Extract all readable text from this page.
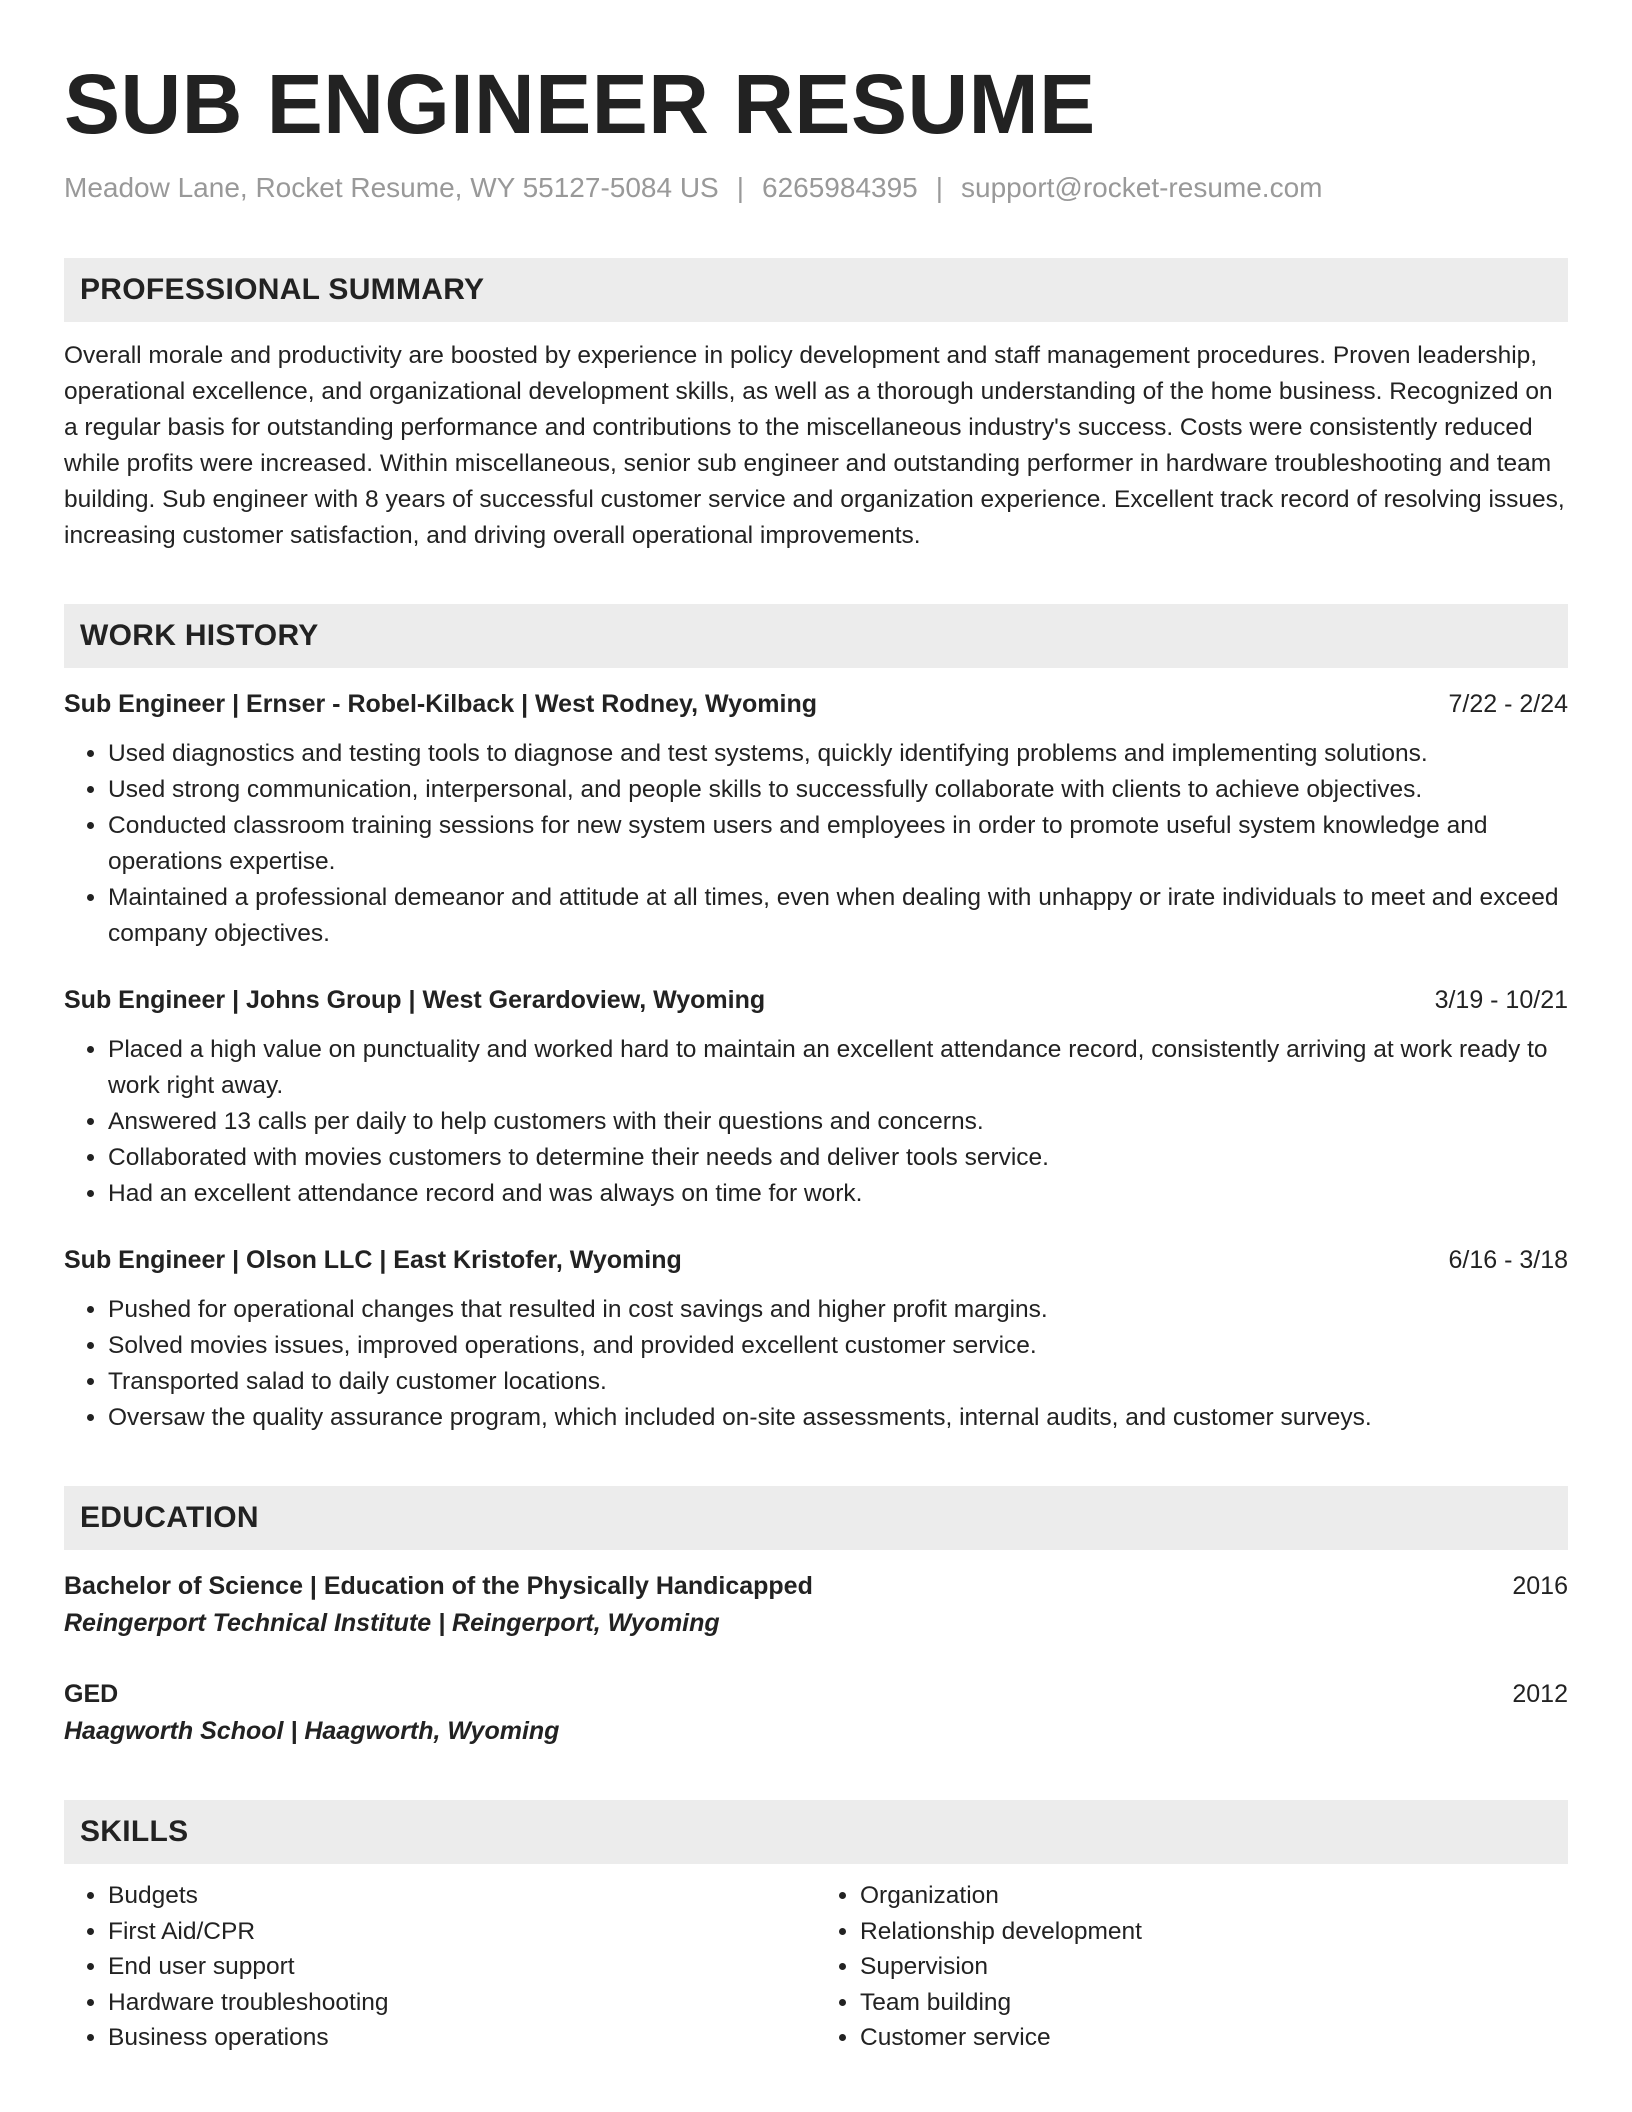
SUB ENGINEER RESUME
Meadow Lane, Rocket Resume, WY 55127-5084 US | 6265984395 | support@rocket-resume.com
PROFESSIONAL SUMMARY
Overall morale and productivity are boosted by experience in policy development and staff management procedures. Proven leadership, operational excellence, and organizational development skills, as well as a thorough understanding of the home business. Recognized on a regular basis for outstanding performance and contributions to the miscellaneous industry's success. Costs were consistently reduced while profits were increased. Within miscellaneous, senior sub engineer and outstanding performer in hardware troubleshooting and team building. Sub engineer with 8 years of successful customer service and organization experience. Excellent track record of resolving issues, increasing customer satisfaction, and driving overall operational improvements.
WORK HISTORY
Sub Engineer | Ernser - Robel-Kilback | West Rodney, Wyoming	7/22 - 2/24
• Used diagnostics and testing tools to diagnose and test systems, quickly identifying problems and implementing solutions.
• Used strong communication, interpersonal, and people skills to successfully collaborate with clients to achieve objectives.
• Conducted classroom training sessions for new system users and employees in order to promote useful system knowledge and operations expertise.
• Maintained a professional demeanor and attitude at all times, even when dealing with unhappy or irate individuals to meet and exceed company objectives.
Sub Engineer | Johns Group | West Gerardoview, Wyoming	3/19 - 10/21
• Placed a high value on punctuality and worked hard to maintain an excellent attendance record, consistently arriving at work ready to work right away.
• Answered 13 calls per daily to help customers with their questions and concerns.
• Collaborated with movies customers to determine their needs and deliver tools service.
• Had an excellent attendance record and was always on time for work.
Sub Engineer | Olson LLC | East Kristofer, Wyoming	6/16 - 3/18
• Pushed for operational changes that resulted in cost savings and higher profit margins.
• Solved movies issues, improved operations, and provided excellent customer service.
• Transported salad to daily customer locations.
• Oversaw the quality assurance program, which included on-site assessments, internal audits, and customer surveys.
EDUCATION
Bachelor of Science | Education of the Physically Handicapped	2016
Reingerport Technical Institute | Reingerport, Wyoming
GED	2012
Haagworth School | Haagworth, Wyoming
SKILLS
• Budgets
• First Aid/CPR
• End user support
• Hardware troubleshooting
• Business operations
• Organization
• Relationship development
• Supervision
• Team building
• Customer service
